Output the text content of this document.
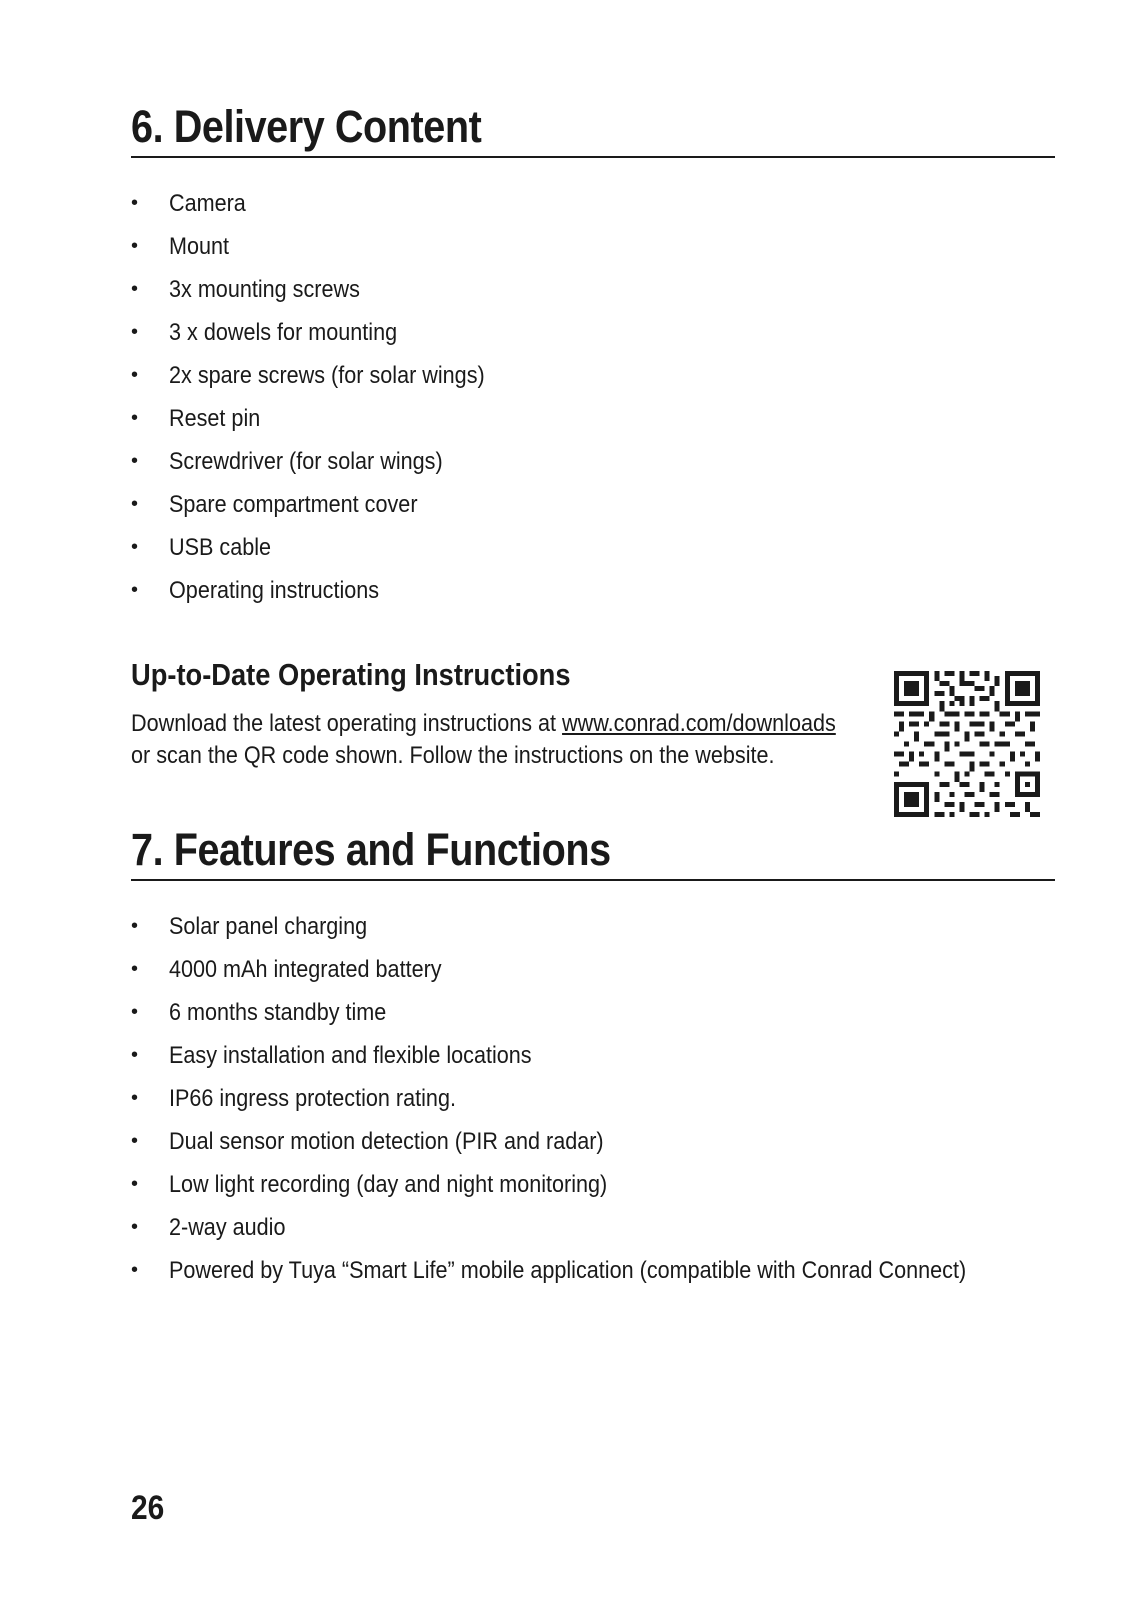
6. Delivery Content
• Camera
• Mount
• 3x mounting screws
• 3 x dowels for mounting
• 2x spare screws (for solar wings)
• Reset pin
• Screwdriver (for solar wings)
• Spare compartment cover
• USB cable
• Operating instructions
Up-to-Date Operating Instructions
Download the latest operating instructions at www.conrad.com/downloads
or scan the QR code shown. Follow the instructions on the website.
7. Features and Functions
• Solar panel charging
• 4000 mAh integrated battery
• 6 months standby time
• Easy installation and flexible locations
• IP66 ingress protection rating.
• Dual sensor motion detection (PIR and radar)
• Low light recording (day and night monitoring)
• 2-way audio
• Powered by Tuya “Smart Life” mobile application (compatible with Conrad Connect)
26
